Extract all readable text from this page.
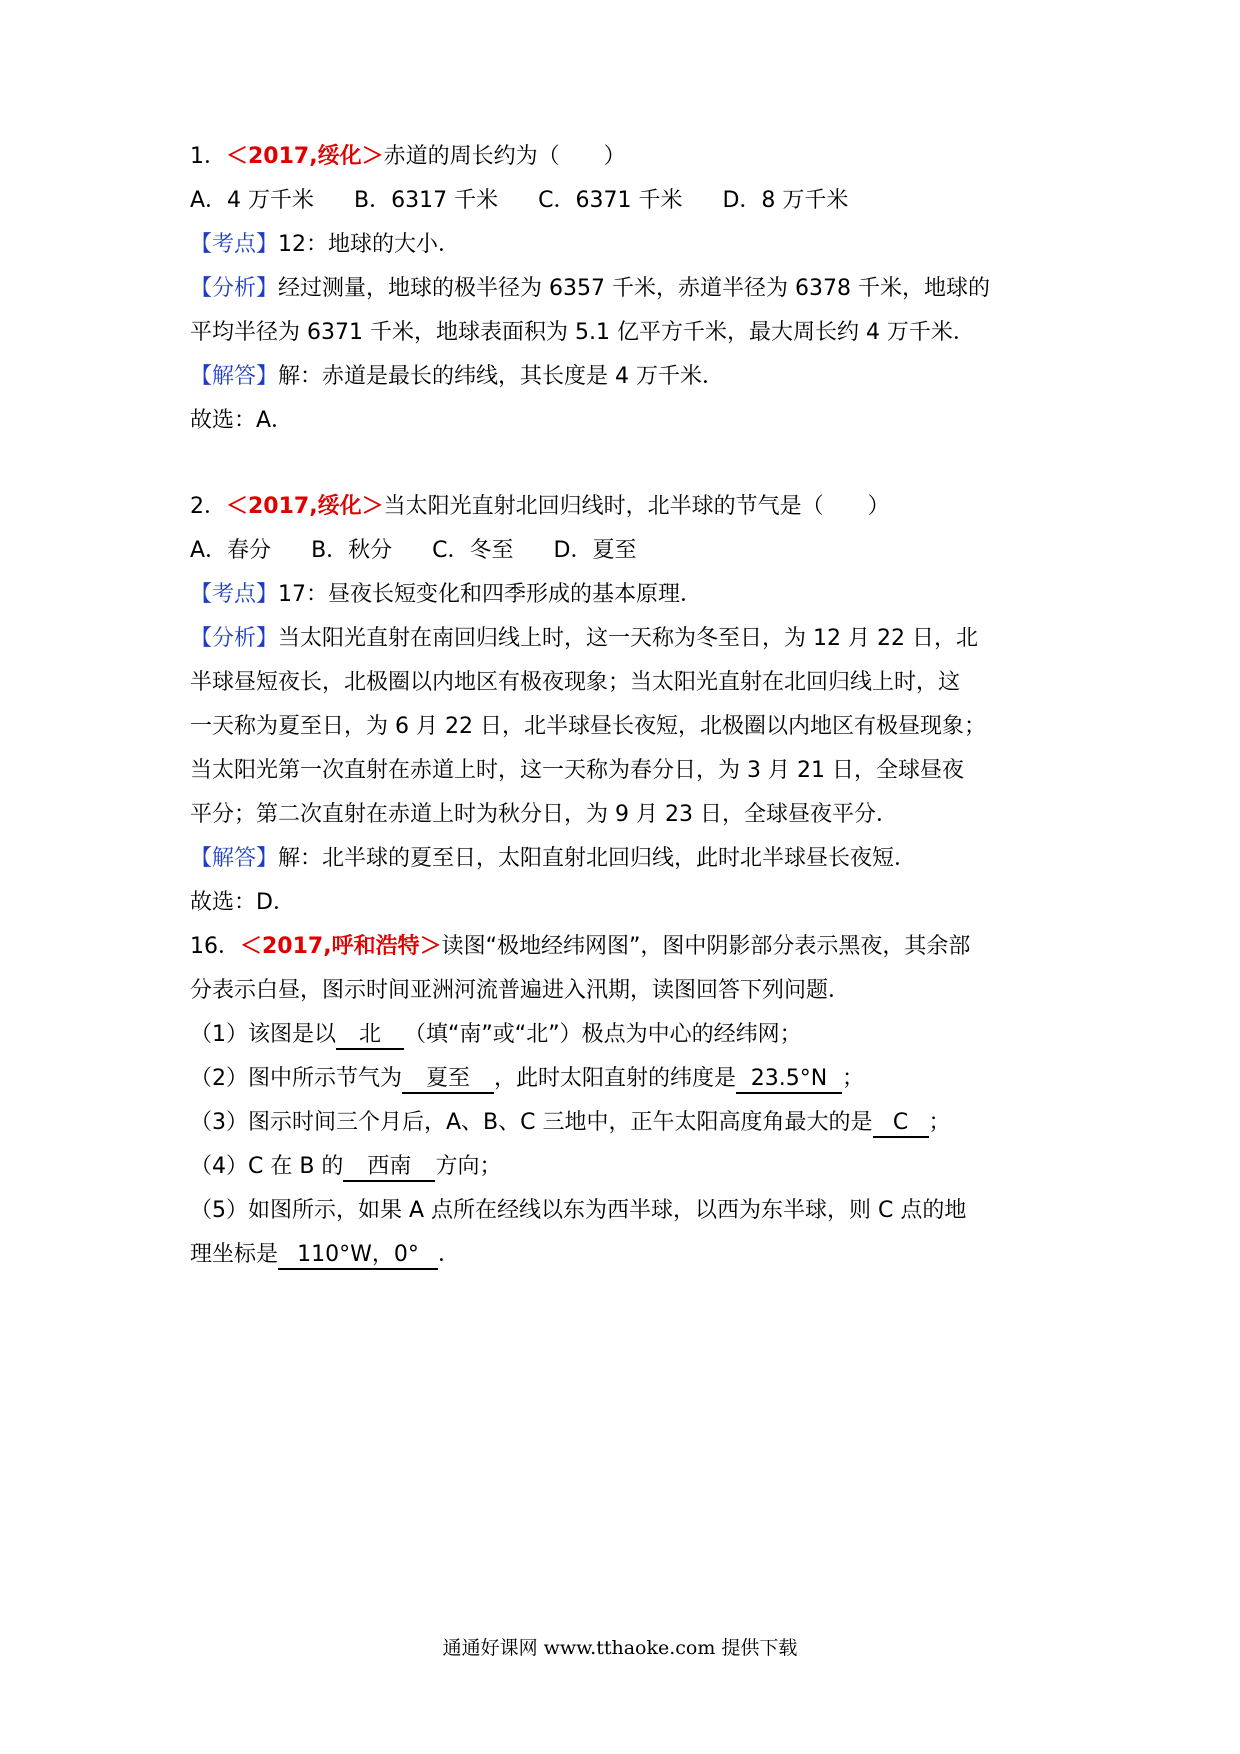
1．＜2017,绥化＞赤道的周长约为（　　）
A．4 万千米 B．6317 千米 C．6371 千米 D．8 万千米
【考点】12：地球的大小．
【分析】经过测量，地球的极半径为 6357 千米，赤道半径为 6378 千米，地球的
平均半径为 6371 千米，地球表面积为 5.1 亿平方千米，最大周长约 4 万千米．
【解答】解：赤道是最长的纬线，其长度是 4 万千米．
故选：A．
2．＜2017,绥化＞当太阳光直射北回归线时，北半球的节气是（　　）
A．春分 B．秋分 C．冬至 D．夏至
【考点】17：昼夜长短变化和四季形成的基本原理．
【分析】当太阳光直射在南回归线上时，这一天称为冬至日，为 12 月 22 日，北
半球昼短夜长，北极圈以内地区有极夜现象；当太阳光直射在北回归线上时，这
一天称为夏至日，为 6 月 22 日，北半球昼长夜短，北极圈以内地区有极昼现象；
当太阳光第一次直射在赤道上时，这一天称为春分日，为 3 月 21 日，全球昼夜
平分；第二次直射在赤道上时为秋分日，为 9 月 23 日，全球昼夜平分．
【解答】解：北半球的夏至日，太阳直射北回归线，此时北半球昼长夜短．
故选：D．
16．＜2017,呼和浩特＞读图“极地经纬网图”，图中阴影部分表示黑夜，其余部
分表示白昼，图示时间亚洲河流普遍进入汛期，读图回答下列问题．
（1）该图是以 北 （填“南”或“北”）极点为中心的经纬网；
（2）图中所示节气为 夏至 ，此时太阳直射的纬度是 23.5°N ；
（3）图示时间三个月后，A、B、C 三地中，正午太阳高度角最大的是 C ；
（4）C 在 B 的 西南 方向；
（5）如图所示，如果 A 点所在经线以东为西半球，以西为东半球，则 C 点的地
理坐标是 110°W，0° ．
通通好课网 www.tthaoke.com 提供下载
